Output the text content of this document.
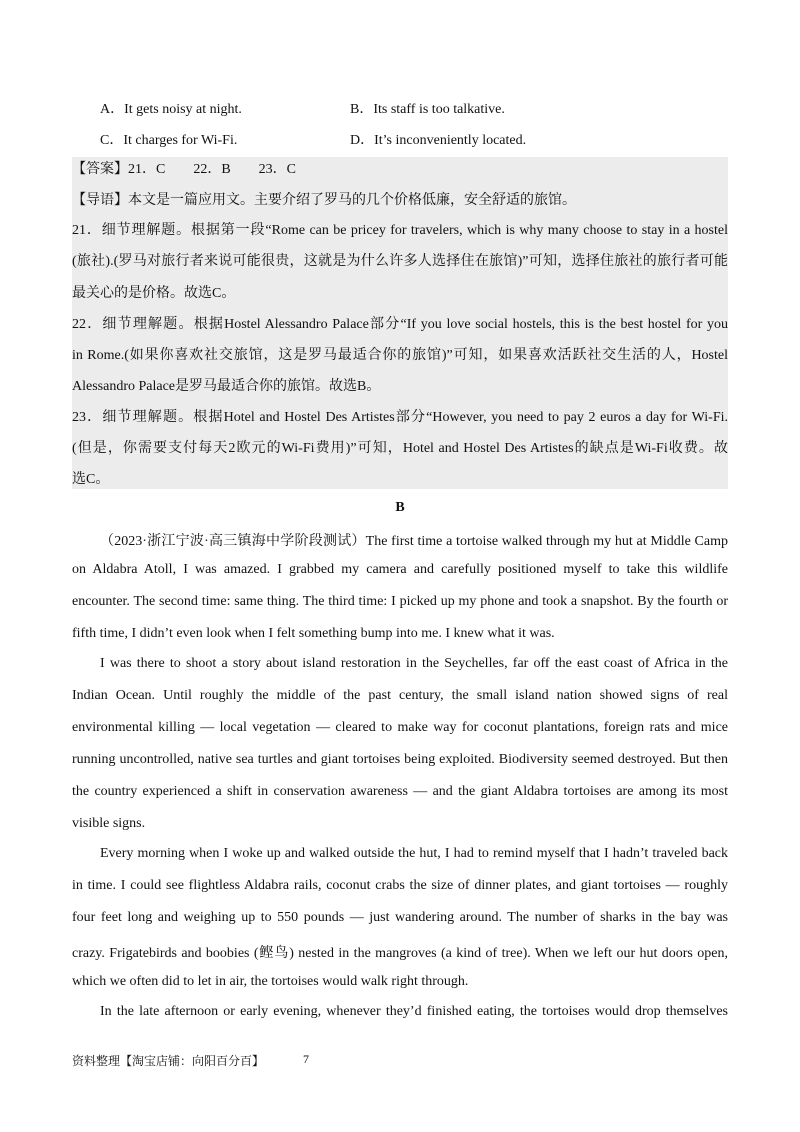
A．It gets noisy at night.	B．Its staff is too talkative.
C．It charges for Wi-Fi.	D．It’s inconveniently located.
【答案】21．C　　22．B　　23．C
【导语】本文是一篇应用文。主要介绍了罗马的几个价格低廉，安全舒适的旅馆。
21．细节理解题。根据第一段“Rome can be pricey for travelers, which is why many choose to stay in a hostel
(旅社).(罗马对旅行者来说可能很贵，这就是为什么许多人选择住在旅馆)”可知，选择住旅社的旅行者可能
最关心的是价格。故选C。
22．细节理解题。根据Hostel Alessandro Palace部分“If you love social hostels, this is the best hostel for you
in Rome.(如果你喜欢社交旅馆，这是罗马最适合你的旅馆)”可知，如果喜欢活跃社交生活的人，Hostel
Alessandro Palace是罗马最适合你的旅馆。故选B。
23．细节理解题。根据Hotel and Hostel Des Artistes部分“However, you need to pay 2 euros a day for Wi-Fi.
(但是，你需要支付每天2欧元的Wi-Fi费用)”可知，Hotel and Hostel Des Artistes的缺点是Wi-Fi收费。故
选C。
B
（2023·浙江宁波·高三镇海中学阶段测试）The first time a tortoise walked through my hut at Middle Camp
on Aldabra Atoll, I was amazed. I grabbed my camera and carefully positioned myself to take this wildlife
encounter. The second time: same thing. The third time: I picked up my phone and took a snapshot. By the fourth or
fifth time, I didn’t even look when I felt something bump into me. I knew what it was.
I was there to shoot a story about island restoration in the Seychelles, far off the east coast of Africa in the
Indian Ocean. Until roughly the middle of the past century, the small island nation showed signs of real
environmental killing — local vegetation — cleared to make way for coconut plantations, foreign rats and mice
running uncontrolled, native sea turtles and giant tortoises being exploited. Biodiversity seemed destroyed. But then
the country experienced a shift in conservation awareness — and the giant Aldabra tortoises are among its most
visible signs.
Every morning when I woke up and walked outside the hut, I had to remind myself that I hadn’t traveled back
in time. I could see flightless Aldabra rails, coconut crabs the size of dinner plates, and giant tortoises — roughly
four feet long and weighing up to 550 pounds — just wandering around. The number of sharks in the bay was
crazy. Frigatebirds and boobies (鲣鸟) nested in the mangroves (a kind of tree). When we left our hut doors open,
which we often did to let in air, the tortoises would walk right through.
In the late afternoon or early evening, whenever they’d finished eating, the tortoises would drop themselves
资料整理【淘宝店铺：向阳百分百】	7
